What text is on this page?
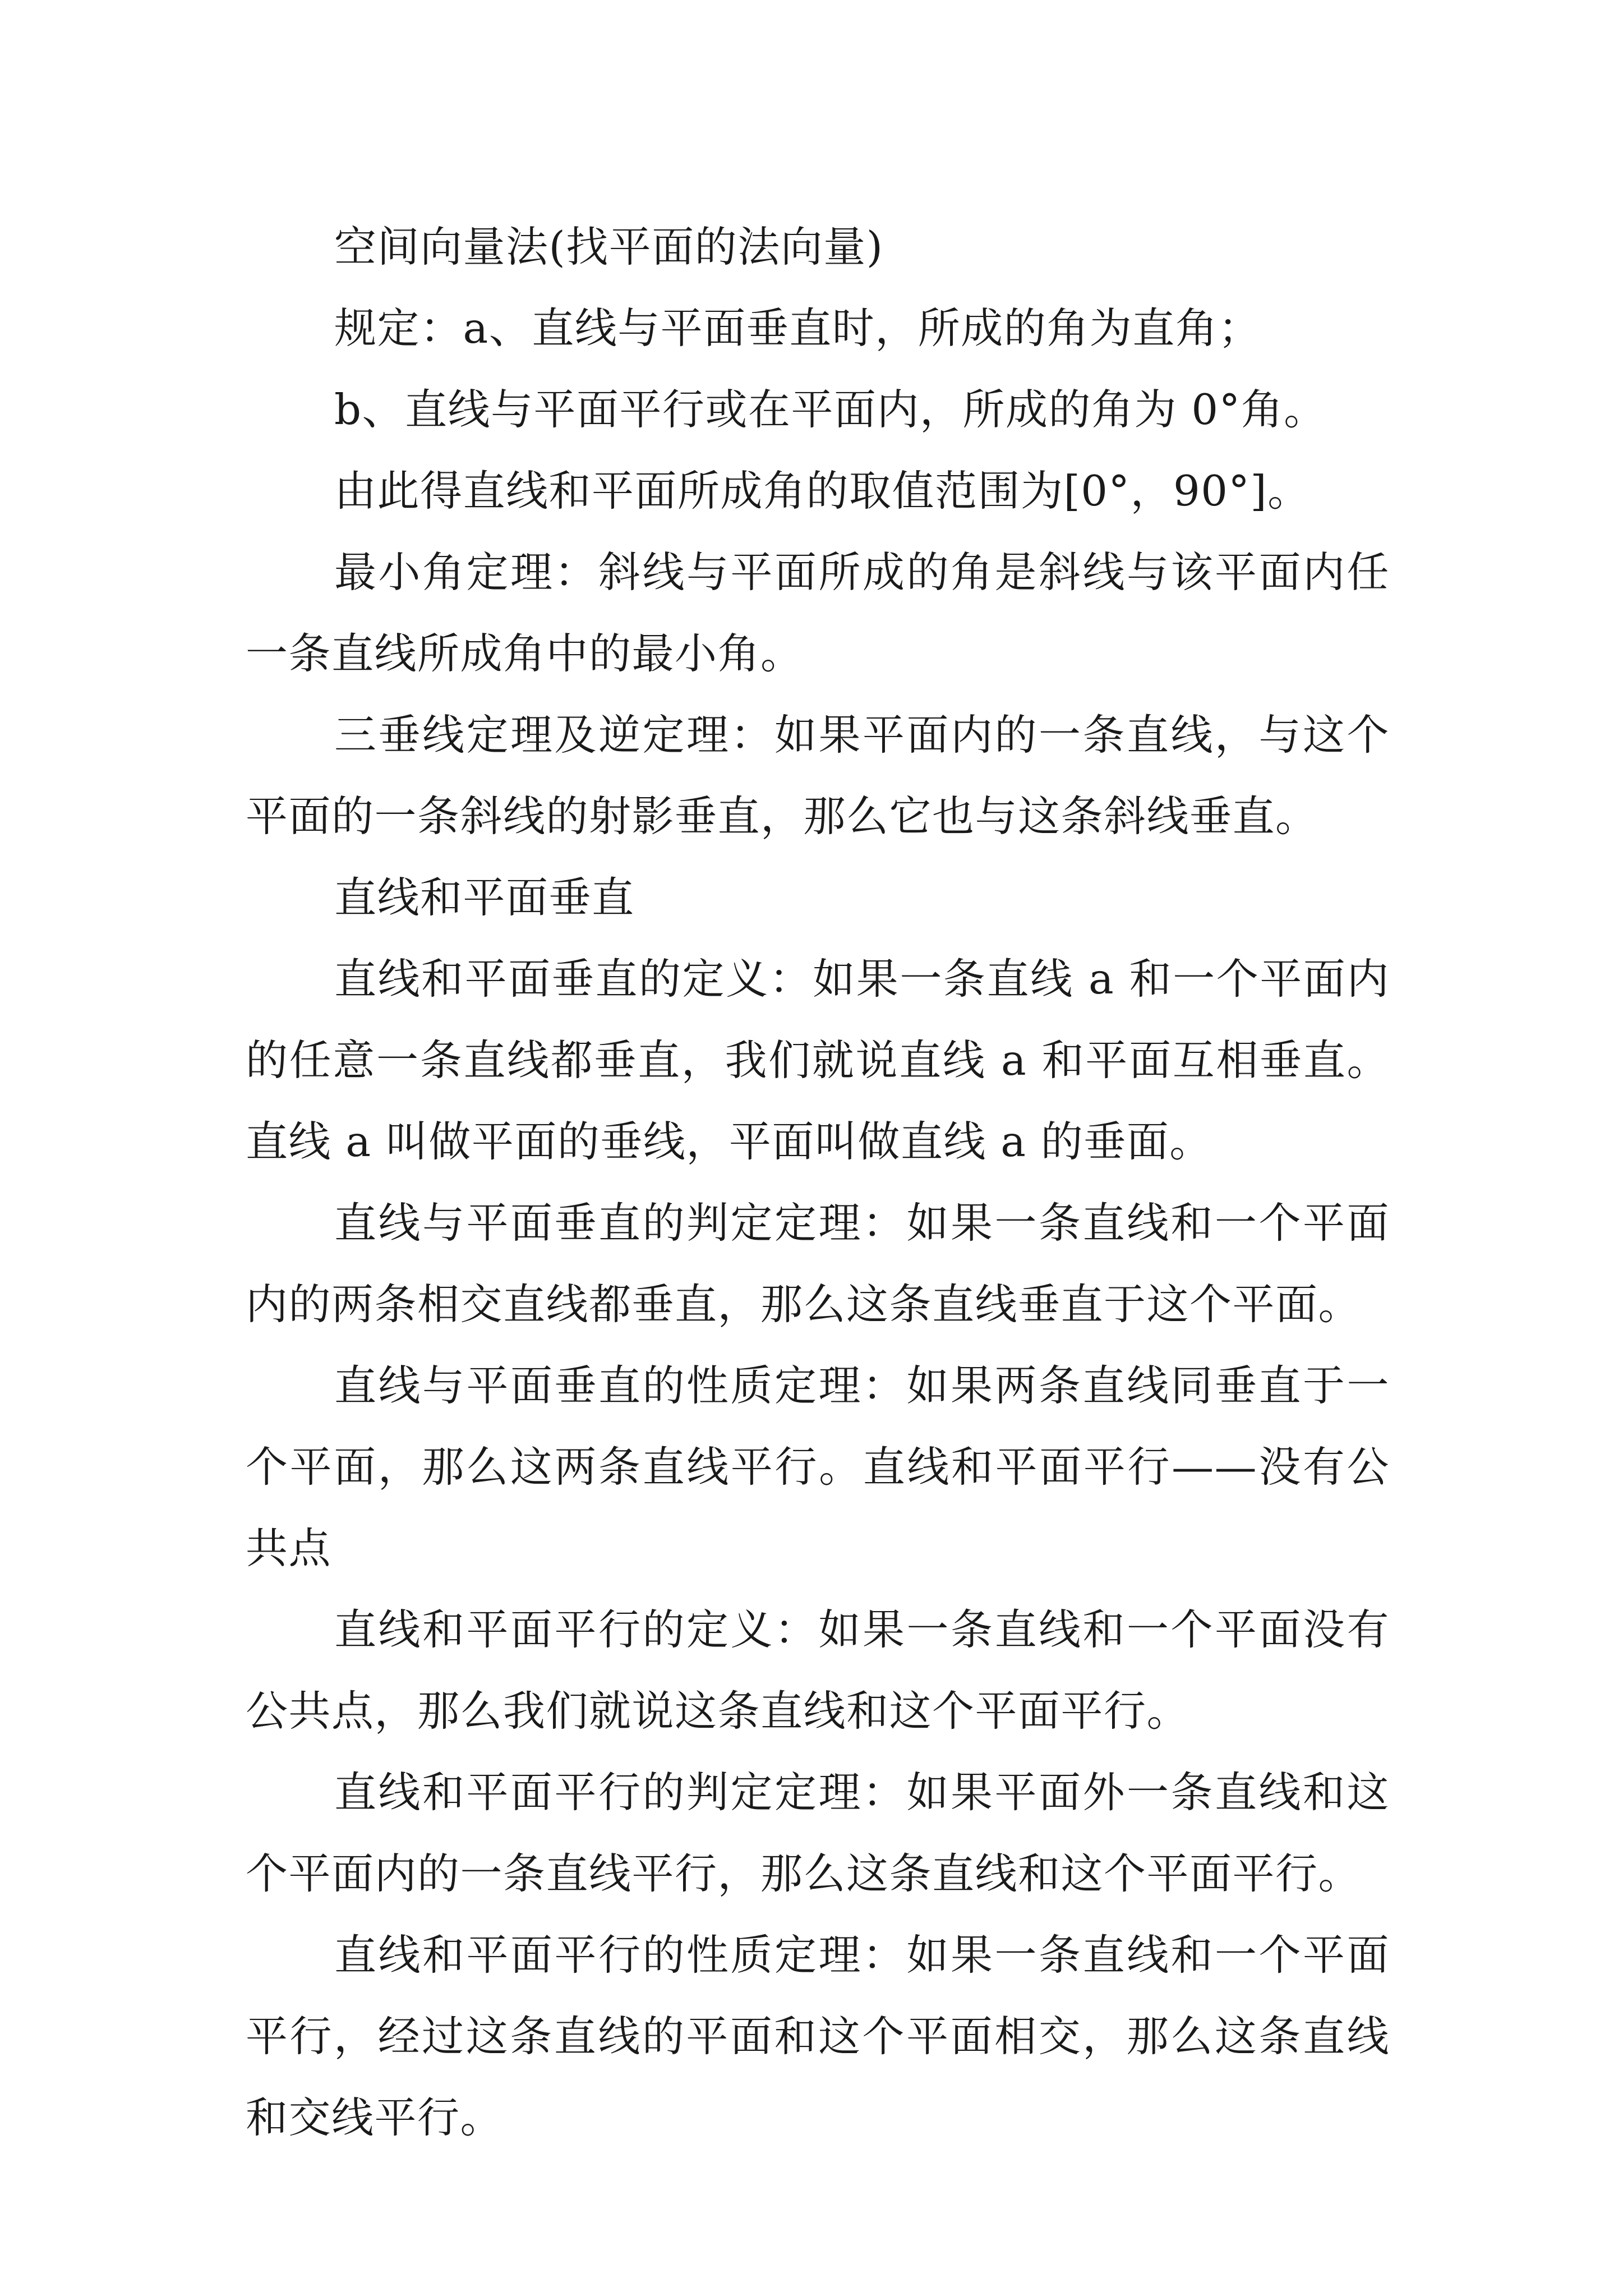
空间向量法(找平面的法向量)

规定：a、直线与平面垂直时，所成的角为直角；

b、直线与平面平行或在平面内，所成的角为 0°角。

由此得直线和平面所成角的取值范围为[0°，90°]。

最小角定理：斜线与平面所成的角是斜线与该平面内任一条直线所成角中的最小角。

三垂线定理及逆定理：如果平面内的一条直线，与这个平面的一条斜线的射影垂直，那么它也与这条斜线垂直。

直线和平面垂直

直线和平面垂直的定义：如果一条直线 a 和一个平面内的任意一条直线都垂直，我们就说直线 a 和平面互相垂直。直线 a 叫做平面的垂线，平面叫做直线 a 的垂面。

直线与平面垂直的判定定理：如果一条直线和一个平面内的两条相交直线都垂直，那么这条直线垂直于这个平面。

直线与平面垂直的性质定理：如果两条直线同垂直于一个平面，那么这两条直线平行。直线和平面平行——没有公共点

直线和平面平行的定义：如果一条直线和一个平面没有公共点，那么我们就说这条直线和这个平面平行。

直线和平面平行的判定定理：如果平面外一条直线和这个平面内的一条直线平行，那么这条直线和这个平面平行。

直线和平面平行的性质定理：如果一条直线和一个平面平行，经过这条直线的平面和这个平面相交，那么这条直线和交线平行。
